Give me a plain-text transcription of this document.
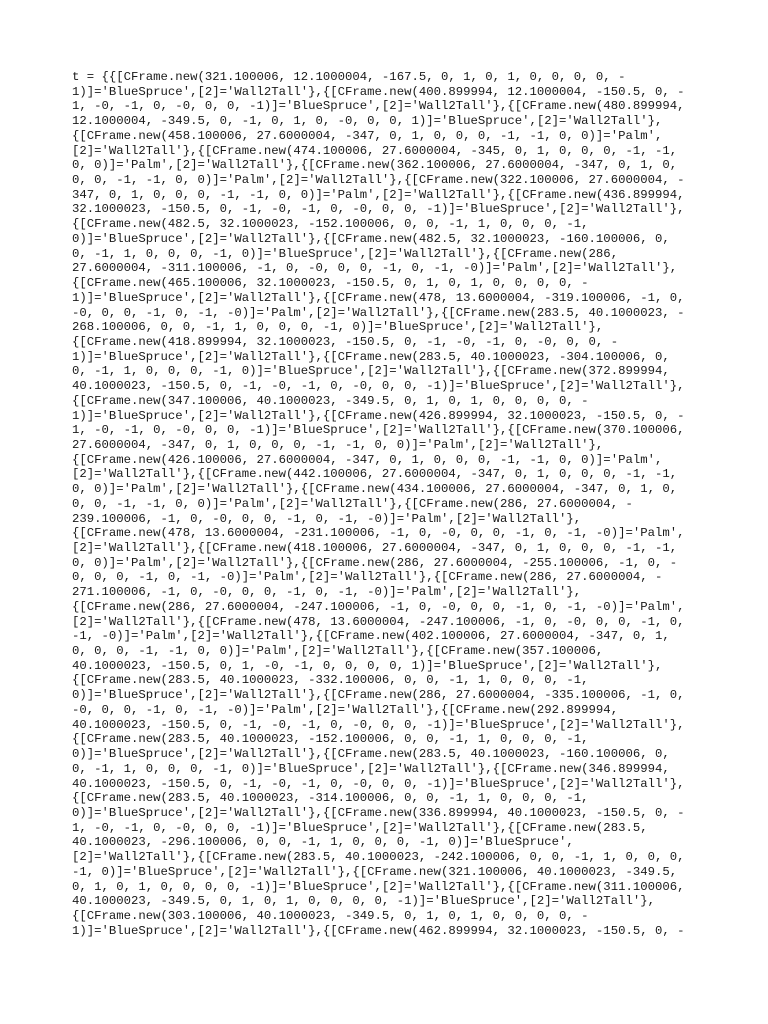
t = {{[CFrame.new(321.100006, 12.1000004, -167.5, 0, 1, 0, 1, 0, 0, 0, 0, -
1)]='BlueSpruce',[2]='Wall2Tall'},{[CFrame.new(400.899994, 12.1000004, -150.5, 0, -
1, -0, -1, 0, -0, 0, 0, -1)]='BlueSpruce',[2]='Wall2Tall'},{[CFrame.new(480.899994,
12.1000004, -349.5, 0, -1, 0, 1, 0, -0, 0, 0, 1)]='BlueSpruce',[2]='Wall2Tall'},
{[CFrame.new(458.100006, 27.6000004, -347, 0, 1, 0, 0, 0, -1, -1, 0, 0)]='Palm',
[2]='Wall2Tall'},{[CFrame.new(474.100006, 27.6000004, -345, 0, 1, 0, 0, 0, -1, -1,
0, 0)]='Palm',[2]='Wall2Tall'},{[CFrame.new(362.100006, 27.6000004, -347, 0, 1, 0,
0, 0, -1, -1, 0, 0)]='Palm',[2]='Wall2Tall'},{[CFrame.new(322.100006, 27.6000004, -
347, 0, 1, 0, 0, 0, -1, -1, 0, 0)]='Palm',[2]='Wall2Tall'},{[CFrame.new(436.899994,
32.1000023, -150.5, 0, -1, -0, -1, 0, -0, 0, 0, -1)]='BlueSpruce',[2]='Wall2Tall'},
{[CFrame.new(482.5, 32.1000023, -152.100006, 0, 0, -1, 1, 0, 0, 0, -1,
0)]='BlueSpruce',[2]='Wall2Tall'},{[CFrame.new(482.5, 32.1000023, -160.100006, 0,
0, -1, 1, 0, 0, 0, -1, 0)]='BlueSpruce',[2]='Wall2Tall'},{[CFrame.new(286,
27.6000004, -311.100006, -1, 0, -0, 0, 0, -1, 0, -1, -0)]='Palm',[2]='Wall2Tall'},
{[CFrame.new(465.100006, 32.1000023, -150.5, 0, 1, 0, 1, 0, 0, 0, 0, -
1)]='BlueSpruce',[2]='Wall2Tall'},{[CFrame.new(478, 13.6000004, -319.100006, -1, 0,
-0, 0, 0, -1, 0, -1, -0)]='Palm',[2]='Wall2Tall'},{[CFrame.new(283.5, 40.1000023, -
268.100006, 0, 0, -1, 1, 0, 0, 0, -1, 0)]='BlueSpruce',[2]='Wall2Tall'},
{[CFrame.new(418.899994, 32.1000023, -150.5, 0, -1, -0, -1, 0, -0, 0, 0, -
1)]='BlueSpruce',[2]='Wall2Tall'},{[CFrame.new(283.5, 40.1000023, -304.100006, 0,
0, -1, 1, 0, 0, 0, -1, 0)]='BlueSpruce',[2]='Wall2Tall'},{[CFrame.new(372.899994,
40.1000023, -150.5, 0, -1, -0, -1, 0, -0, 0, 0, -1)]='BlueSpruce',[2]='Wall2Tall'},
{[CFrame.new(347.100006, 40.1000023, -349.5, 0, 1, 0, 1, 0, 0, 0, 0, -
1)]='BlueSpruce',[2]='Wall2Tall'},{[CFrame.new(426.899994, 32.1000023, -150.5, 0, -
1, -0, -1, 0, -0, 0, 0, -1)]='BlueSpruce',[2]='Wall2Tall'},{[CFrame.new(370.100006,
27.6000004, -347, 0, 1, 0, 0, 0, -1, -1, 0, 0)]='Palm',[2]='Wall2Tall'},
{[CFrame.new(426.100006, 27.6000004, -347, 0, 1, 0, 0, 0, -1, -1, 0, 0)]='Palm',
[2]='Wall2Tall'},{[CFrame.new(442.100006, 27.6000004, -347, 0, 1, 0, 0, 0, -1, -1,
0, 0)]='Palm',[2]='Wall2Tall'},{[CFrame.new(434.100006, 27.6000004, -347, 0, 1, 0,
0, 0, -1, -1, 0, 0)]='Palm',[2]='Wall2Tall'},{[CFrame.new(286, 27.6000004, -
239.100006, -1, 0, -0, 0, 0, -1, 0, -1, -0)]='Palm',[2]='Wall2Tall'},
{[CFrame.new(478, 13.6000004, -231.100006, -1, 0, -0, 0, 0, -1, 0, -1, -0)]='Palm',
[2]='Wall2Tall'},{[CFrame.new(418.100006, 27.6000004, -347, 0, 1, 0, 0, 0, -1, -1,
0, 0)]='Palm',[2]='Wall2Tall'},{[CFrame.new(286, 27.6000004, -255.100006, -1, 0, -
0, 0, 0, -1, 0, -1, -0)]='Palm',[2]='Wall2Tall'},{[CFrame.new(286, 27.6000004, -
271.100006, -1, 0, -0, 0, 0, -1, 0, -1, -0)]='Palm',[2]='Wall2Tall'},
{[CFrame.new(286, 27.6000004, -247.100006, -1, 0, -0, 0, 0, -1, 0, -1, -0)]='Palm',
[2]='Wall2Tall'},{[CFrame.new(478, 13.6000004, -247.100006, -1, 0, -0, 0, 0, -1, 0,
-1, -0)]='Palm',[2]='Wall2Tall'},{[CFrame.new(402.100006, 27.6000004, -347, 0, 1,
0, 0, 0, -1, -1, 0, 0)]='Palm',[2]='Wall2Tall'},{[CFrame.new(357.100006,
40.1000023, -150.5, 0, 1, -0, -1, 0, 0, 0, 0, 1)]='BlueSpruce',[2]='Wall2Tall'},
{[CFrame.new(283.5, 40.1000023, -332.100006, 0, 0, -1, 1, 0, 0, 0, -1,
0)]='BlueSpruce',[2]='Wall2Tall'},{[CFrame.new(286, 27.6000004, -335.100006, -1, 0,
-0, 0, 0, -1, 0, -1, -0)]='Palm',[2]='Wall2Tall'},{[CFrame.new(292.899994,
40.1000023, -150.5, 0, -1, -0, -1, 0, -0, 0, 0, -1)]='BlueSpruce',[2]='Wall2Tall'},
{[CFrame.new(283.5, 40.1000023, -152.100006, 0, 0, -1, 1, 0, 0, 0, -1,
0)]='BlueSpruce',[2]='Wall2Tall'},{[CFrame.new(283.5, 40.1000023, -160.100006, 0,
0, -1, 1, 0, 0, 0, -1, 0)]='BlueSpruce',[2]='Wall2Tall'},{[CFrame.new(346.899994,
40.1000023, -150.5, 0, -1, -0, -1, 0, -0, 0, 0, -1)]='BlueSpruce',[2]='Wall2Tall'},
{[CFrame.new(283.5, 40.1000023, -314.100006, 0, 0, -1, 1, 0, 0, 0, -1,
0)]='BlueSpruce',[2]='Wall2Tall'},{[CFrame.new(336.899994, 40.1000023, -150.5, 0, -
1, -0, -1, 0, -0, 0, 0, -1)]='BlueSpruce',[2]='Wall2Tall'},{[CFrame.new(283.5,
40.1000023, -296.100006, 0, 0, -1, 1, 0, 0, 0, -1, 0)]='BlueSpruce',
[2]='Wall2Tall'},{[CFrame.new(283.5, 40.1000023, -242.100006, 0, 0, -1, 1, 0, 0, 0,
-1, 0)]='BlueSpruce',[2]='Wall2Tall'},{[CFrame.new(321.100006, 40.1000023, -349.5,
0, 1, 0, 1, 0, 0, 0, 0, -1)]='BlueSpruce',[2]='Wall2Tall'},{[CFrame.new(311.100006,
40.1000023, -349.5, 0, 1, 0, 1, 0, 0, 0, 0, -1)]='BlueSpruce',[2]='Wall2Tall'},
{[CFrame.new(303.100006, 40.1000023, -349.5, 0, 1, 0, 1, 0, 0, 0, 0, -
1)]='BlueSpruce',[2]='Wall2Tall'},{[CFrame.new(462.899994, 32.1000023, -150.5, 0, -
